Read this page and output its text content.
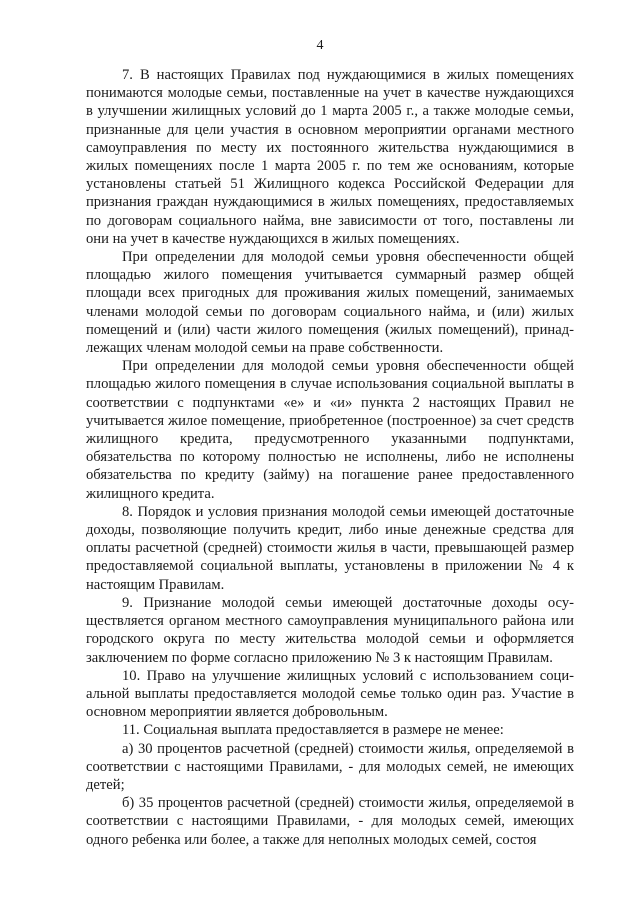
4

7. В настоящих Правилах под нуждающимися в жилых помещениях понимаются молодые семьи, поставленные на учет в качестве нуждающихся в улучшении жилищных условий до 1 марта 2005 г., а также молодые семьи, признанные для цели участия в основном мероприятии органами местного самоуправления по месту их постоянного жительства нуждающимися в жилых помещениях после 1 марта 2005 г. по тем же основаниям, которые установлены статьей 51 Жилищного кодекса Российской Федерации для признания граждан нуждающимися в жилых помещениях, предоставляемых по договорам социального найма, вне зависимости от того, поставлены ли они на учет в качестве нуждающихся в жилых помещениях.

При определении для молодой семьи уровня обеспеченности общей площадью жилого помещения учитывается суммарный размер общей площади всех пригодных для проживания жилых помещений, занимаемых членами молодой семьи по договорам социального найма, и (или) жилых помещений и (или) части жилого помещения (жилых помещений), принадлежащих членам молодой семьи на праве собственности.

При определении для молодой семьи уровня обеспеченности общей площадью жилого помещения в случае использования социальной выплаты в соответствии с подпунктами «е» и «и» пункта 2 настоящих Правил не учитывается жилое помещение, приобретенное (построенное) за счет средств жилищного кредита, предусмотренного указанными подпунктами, обязательства по которому полностью не исполнены, либо не исполнены обязательства по кредиту (займу) на погашение ранее предоставленного жилищного кредита.

8. Порядок и условия признания молодой семьи имеющей достаточные доходы, позволяющие получить кредит, либо иные денежные средства для оплаты расчетной (средней) стоимости жилья в части, превышающей размер предоставляемой социальной выплаты, установлены в приложении № 4 к настоящим Правилам.

9. Признание молодой семьи имеющей достаточные доходы осуществляется органом местного самоуправления муниципального района или городского округа по месту жительства молодой семьи и оформляется заключением по форме согласно приложению № 3 к настоящим Правилам.

10. Право на улучшение жилищных условий с использованием социальной выплаты предоставляется молодой семье только один раз. Участие в основном мероприятии является добровольным.

11. Социальная выплата предоставляется в размере не менее:

а) 30 процентов расчетной (средней) стоимости жилья, определяемой в соответствии с настоящими Правилами, - для молодых семей, не имеющих детей;

б) 35 процентов расчетной (средней) стоимости жилья, определяемой в соответствии с настоящими Правилами, - для молодых семей, имеющих одного ребенка или более, а также для неполных молодых семей, состоя
